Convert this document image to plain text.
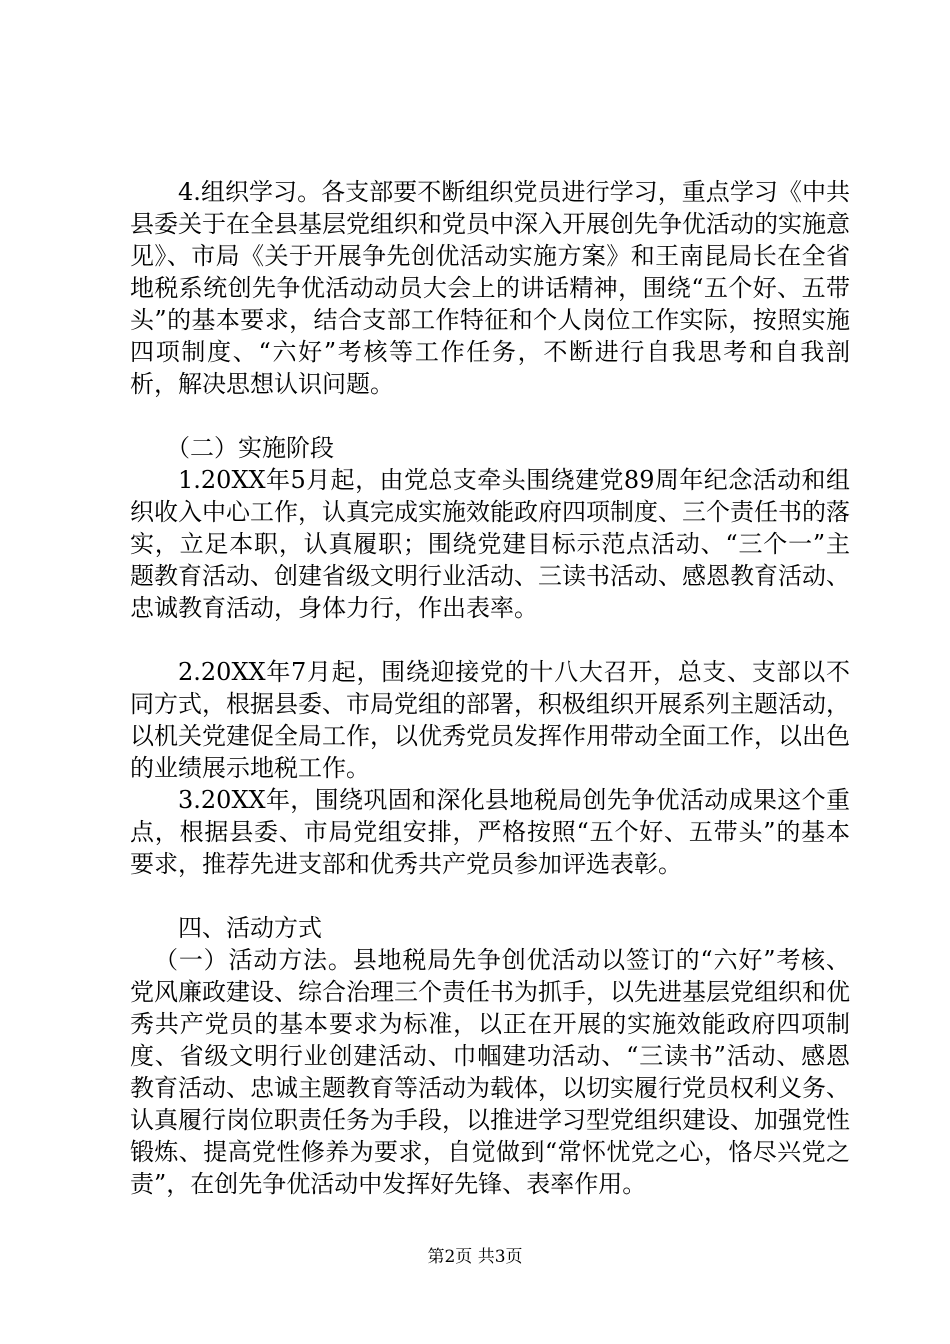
4.组织学习。各支部要不断组织党员进行学习，重点学习《中共县委关于在全县基层党组织和党员中深入开展创先争优活动的实施意见》、市局《关于开展争先创优活动实施方案》和王南昆局长在全省地税系统创先争优活动动员大会上的讲话精神，围绕“五个好、五带头”的基本要求，结合支部工作特征和个人岗位工作实际，按照实施四项制度、“六好”考核等工作任务，不断进行自我思考和自我剖析，解决思想认识问题。

（二）实施阶段

1.20XX年5月起，由党总支牵头围绕建党89周年纪念活动和组织收入中心工作，认真完成实施效能政府四项制度、三个责任书的落实，立足本职，认真履职；围绕党建目标示范点活动、“三个一”主题教育活动、创建省级文明行业活动、三读书活动、感恩教育活动、忠诚教育活动，身体力行，作出表率。

2.20XX年7月起，围绕迎接党的十八大召开，总支、支部以不同方式，根据县委、市局党组的部署，积极组织开展系列主题活动，以机关党建促全局工作，以优秀党员发挥作用带动全面工作，以出色的业绩展示地税工作。

3.20XX年，围绕巩固和深化县地税局创先争优活动成果这个重点，根据县委、市局党组安排，严格按照“五个好、五带头”的基本要求，推荐先进支部和优秀共产党员参加评选表彰。

四、活动方式

（一）活动方法。县地税局先争创优活动以签订的“六好”考核、党风廉政建设、综合治理三个责任书为抓手，以先进基层党组织和优秀共产党员的基本要求为标准，以正在开展的实施效能政府四项制度、省级文明行业创建活动、巾帼建功活动、“三读书”活动、感恩教育活动、忠诚主题教育等活动为载体，以切实履行党员权利义务、认真履行岗位职责任务为手段，以推进学习型党组织建设、加强党性锻炼、提高党性修养为要求，自觉做到“常怀忧党之心，恪尽兴党之责”，在创先争优活动中发挥好先锋、表率作用。

第2页 共3页
